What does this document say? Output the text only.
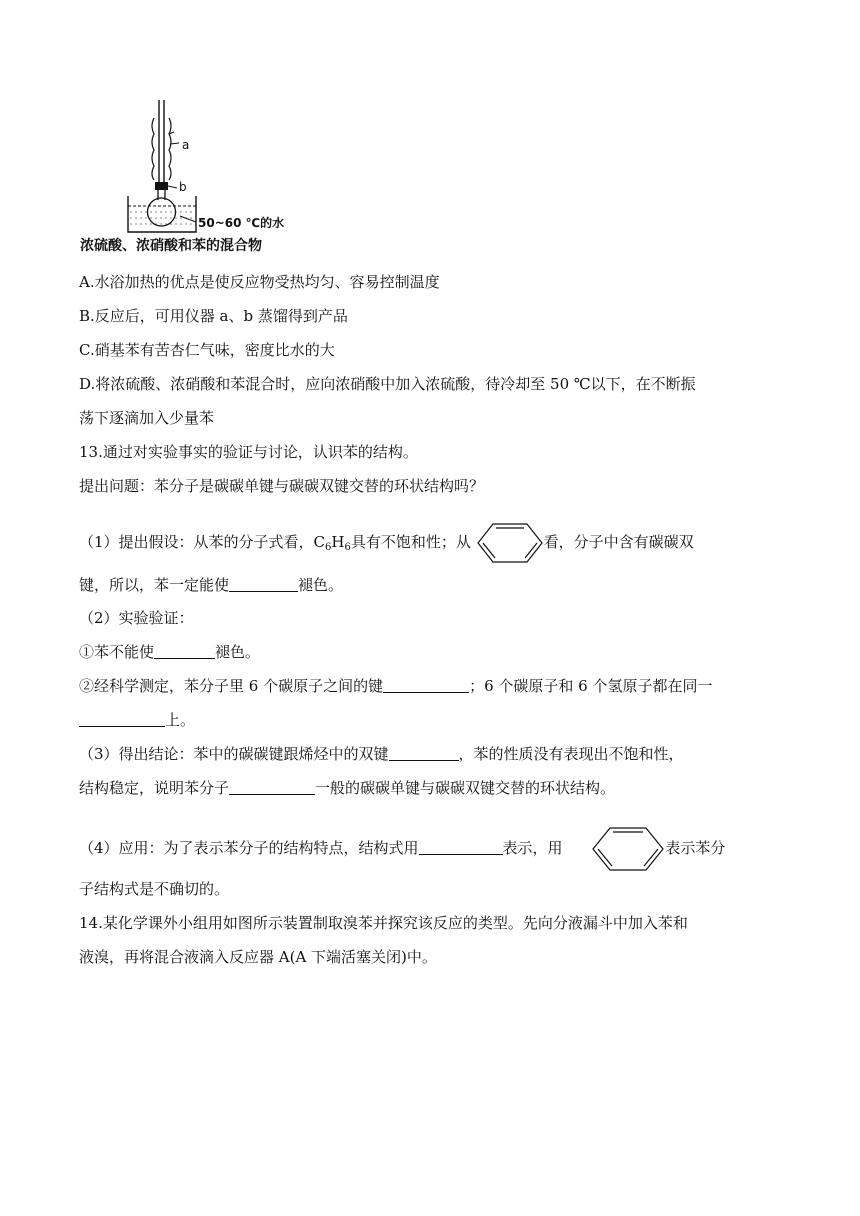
a
b
50~60 ℃的水
浓硫酸、浓硝酸和苯的混合物
A.水浴加热的优点是使反应物受热均匀、容易控制温度
B.反应后，可用仪器 a、b 蒸馏得到产品
C.硝基苯有苦杏仁气味，密度比水的大
D.将浓硫酸、浓硝酸和苯混合时，应向浓硝酸中加入浓硫酸，待冷却至 50 ℃以下，在不断振
荡下逐滴加入少量苯
13.通过对实验事实的验证与讨论，认识苯的结构。
提出问题：苯分子是碳碳单键与碳碳双键交替的环状结构吗？
（1）提出假设：从苯的分子式看，$C_6H_6$具有不饱和性；从	看，分子中含有碳碳双
键，所以，苯一定能使	褪色。
（2）实验验证：
①苯不能使	褪色。
②经科学测定，苯分子里 6 个碳原子之间的键	；6 个碳原子和 6 个氢原子都在同一
上。
（3）得出结论：苯中的碳碳键跟烯烃中的双键	，苯的性质没有表现出不饱和性，
结构稳定，说明苯分子	一般的碳碳单键与碳碳双键交替的环状结构。
（4）应用：为了表示苯分子的结构特点，结构式用	表示，用	表示苯分
子结构式是不确切的。
14.某化学课外小组用如图所示装置制取溴苯并探究该反应的类型。先向分液漏斗中加入苯和
液溴，再将混合液滴入反应器 A(A 下端活塞关闭)中。
